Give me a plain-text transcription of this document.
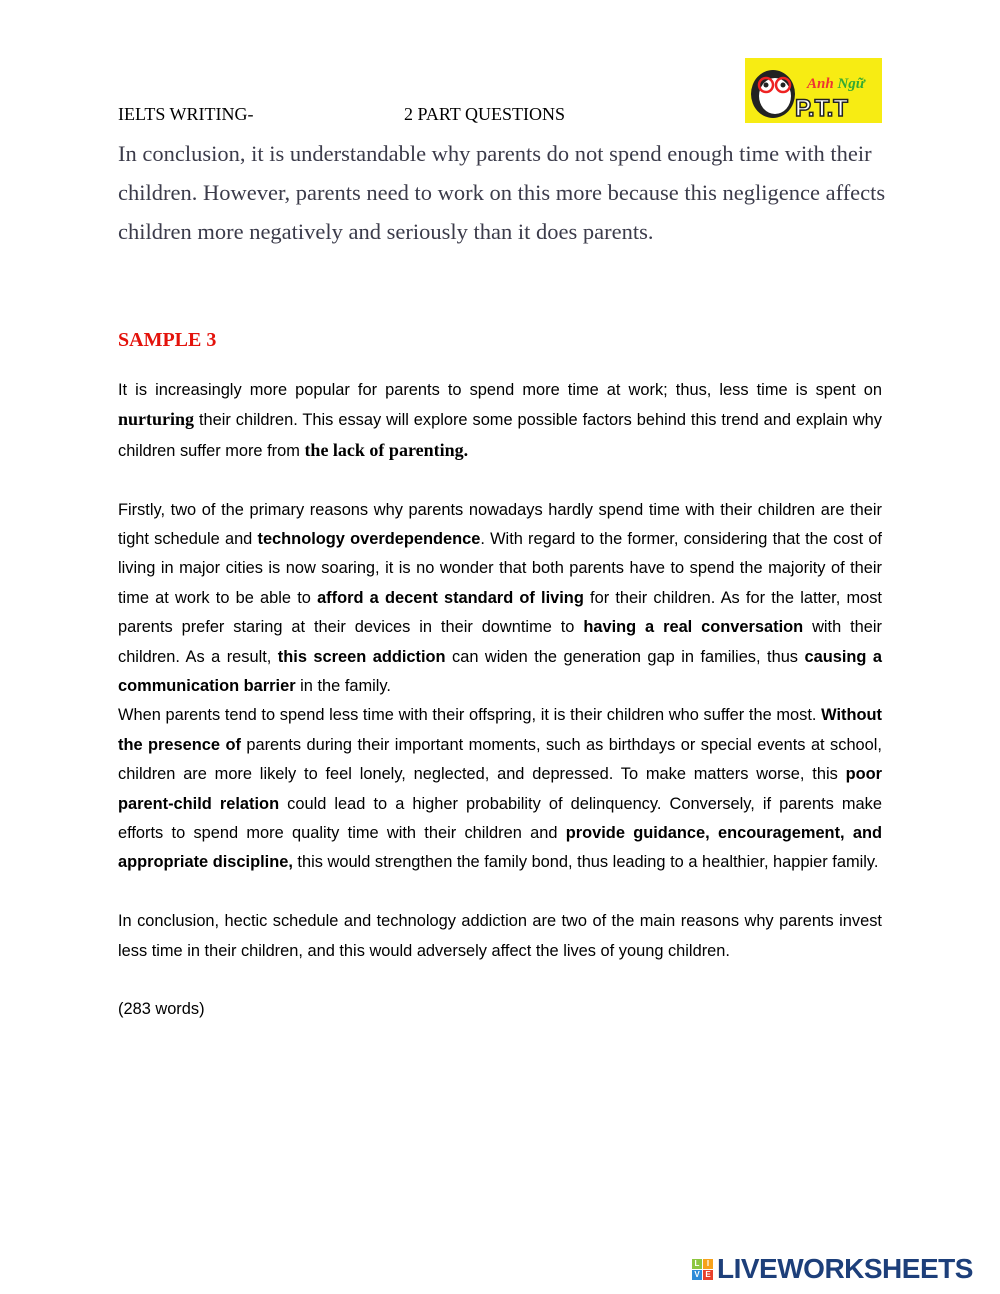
IELTS WRITING-	2 PART QUESTIONS
Anh Ngữ
P.T.T
In conclusion, it is understandable why parents do not spend enough time with their children. However, parents need to work on this more because this negligence affects children more negatively and seriously than it does parents.
SAMPLE 3

It is increasingly more popular for parents to spend more time at work; thus, less time is spent on nurturing their children. This essay will explore some possible factors behind this trend and explain why children suffer more from the lack of parenting.

Firstly, two of the primary reasons why parents nowadays hardly spend time with their children are their tight schedule and technology overdependence. With regard to the former, considering that the cost of living in major cities is now soaring, it is no wonder that both parents have to spend the majority of their time at work to be able to afford a decent standard of living for their children. As for the latter, most parents prefer staring at their devices in their downtime to having a real conversation with their children. As a result, this screen addiction can widen the generation gap in families, thus causing a communication barrier in the family.

When parents tend to spend less time with their offspring, it is their children who suffer the most. Without the presence of parents during their important moments, such as birthdays or special events at school, children are more likely to feel lonely, neglected, and depressed. To make matters worse, this poor parent-child relation could lead to a higher probability of delinquency. Conversely, if parents make efforts to spend more quality time with their children and provide guidance, encouragement, and appropriate discipline, this would strengthen the family bond, thus leading to a healthier, happier family.

In conclusion, hectic schedule and technology addiction are two of the main reasons why parents invest less time in their children, and this would adversely affect the lives of young children.

(283 words)

L I
V E LIVEWORKSHEETS
